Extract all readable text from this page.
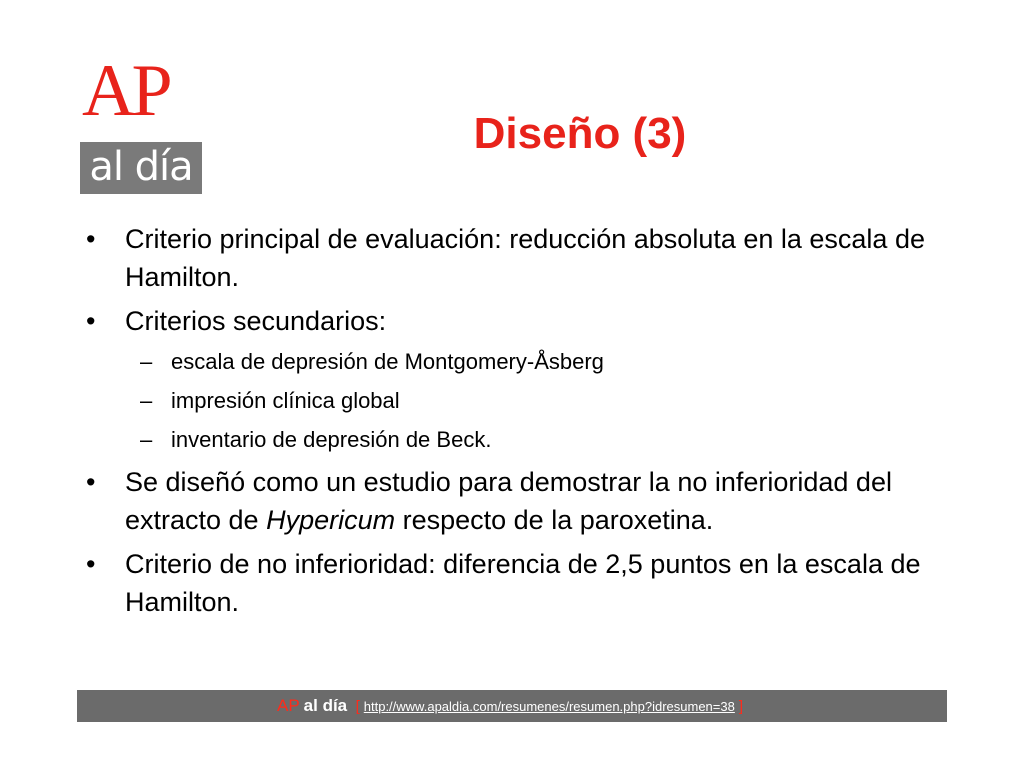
AP
al día
Diseño (3)
• Criterio principal de evaluación: reducción absoluta en la escala de Hamilton.
• Criterios secundarios:
– escala de depresión de Montgomery-Åsberg
– impresión clínica global
– inventario de depresión de Beck.
• Se diseñó como un estudio para demostrar la no inferioridad del extracto de Hypericum respecto de la paroxetina.
• Criterio de no inferioridad: diferencia de 2,5 puntos en la escala de Hamilton.
AP al día [ http://www.apaldia.com/resumenes/resumen.php?idresumen=38 ]
